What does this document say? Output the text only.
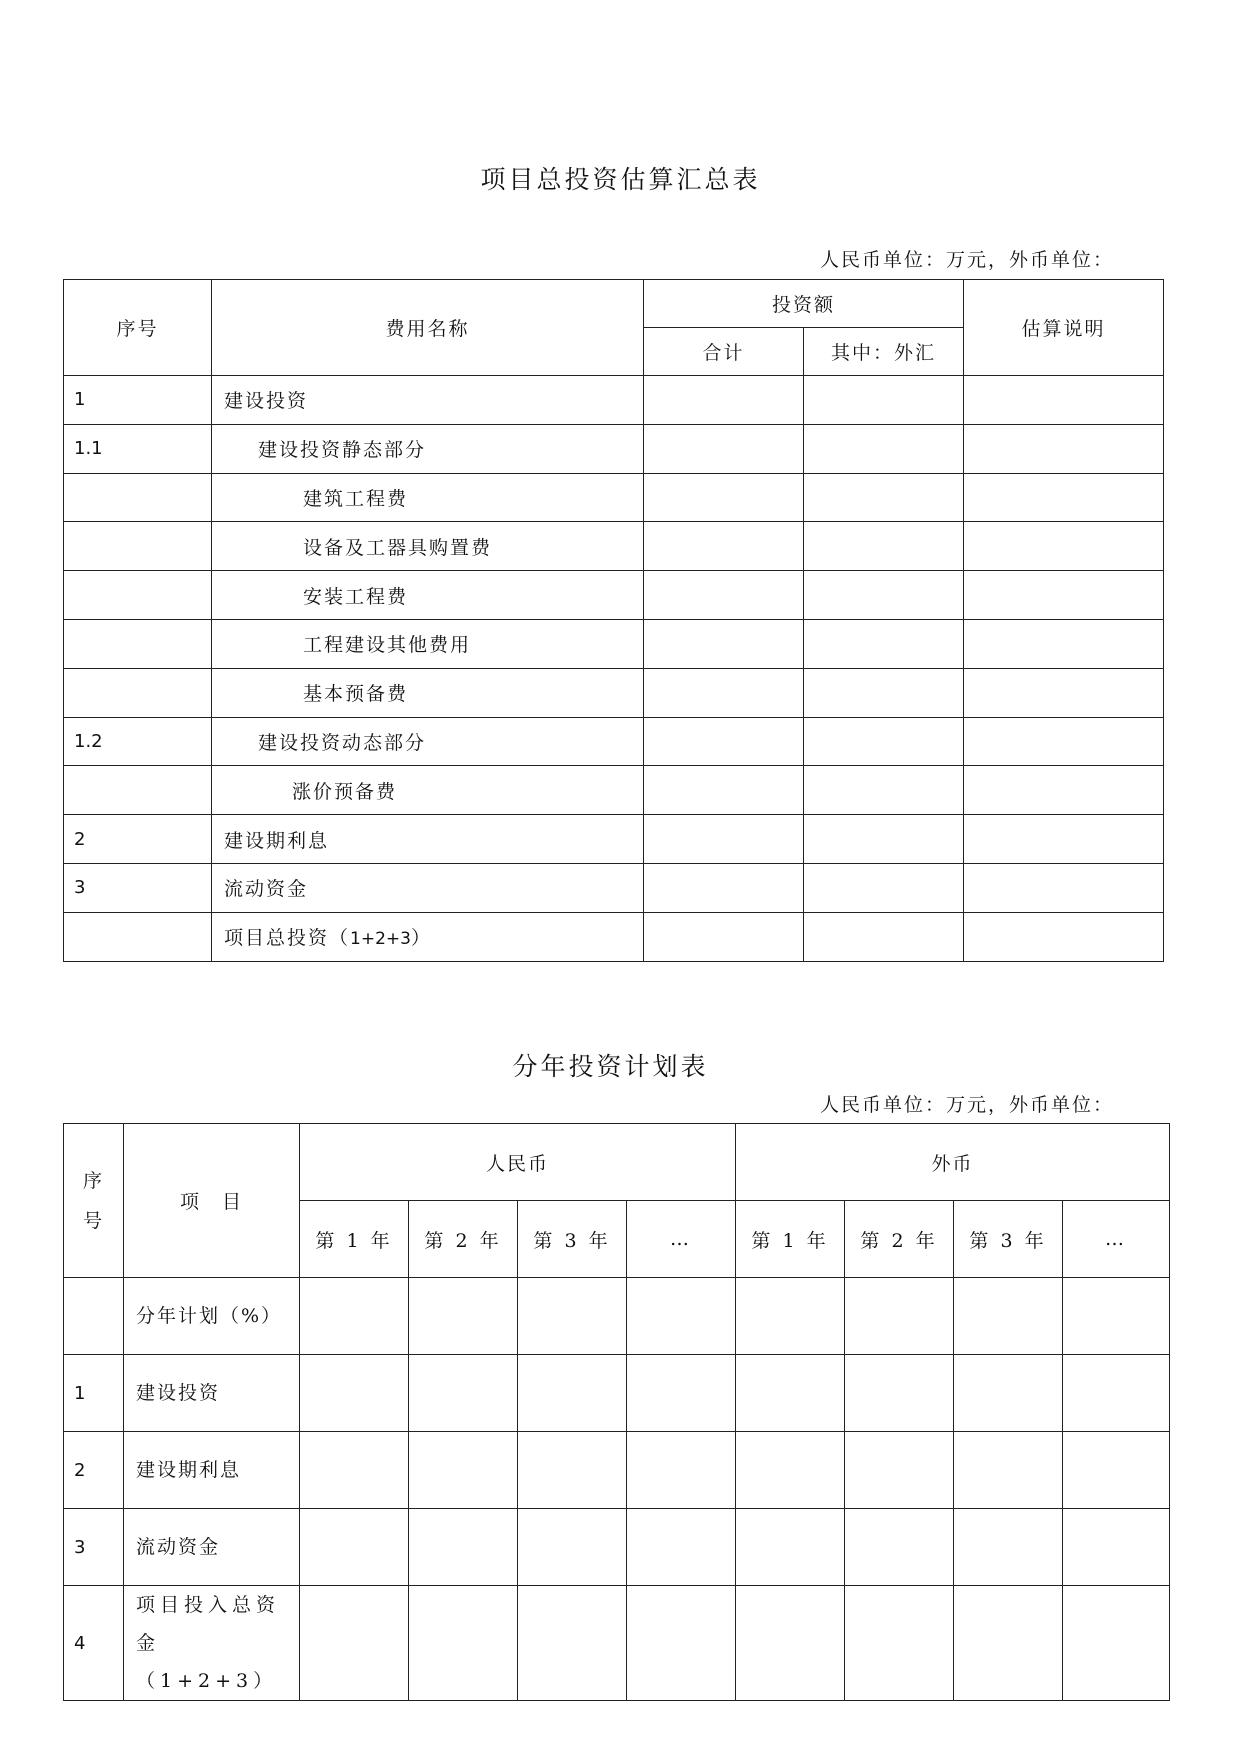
项目总投资估算汇总表
人民币单位：万元，外币单位：
序号	费用名称	投资额		估算说明
		合计	其中：外汇	
1	建设投资			
1.1	建设投资静态部分			
	建筑工程费			
	设备及工器具购置费			
	安装工程费			
	工程建设其他费用			
	基本预备费			
1.2	建设投资动态部分			
	涨价预备费			
2	建设期利息			
3	流动资金			
	项目总投资（1+2+3）			
分年投资计划表
人民币单位：万元，外币单位：
序
号	项　目	人民币				外币			
		第 1 年	第 2 年	第 3 年	…	第 1 年	第 2 年	第 3 年	…
	分年计划（%）								
1	建设投资								
2	建设期利息								
3	流动资金								
4	项目投入总资金（1+2+3）								
